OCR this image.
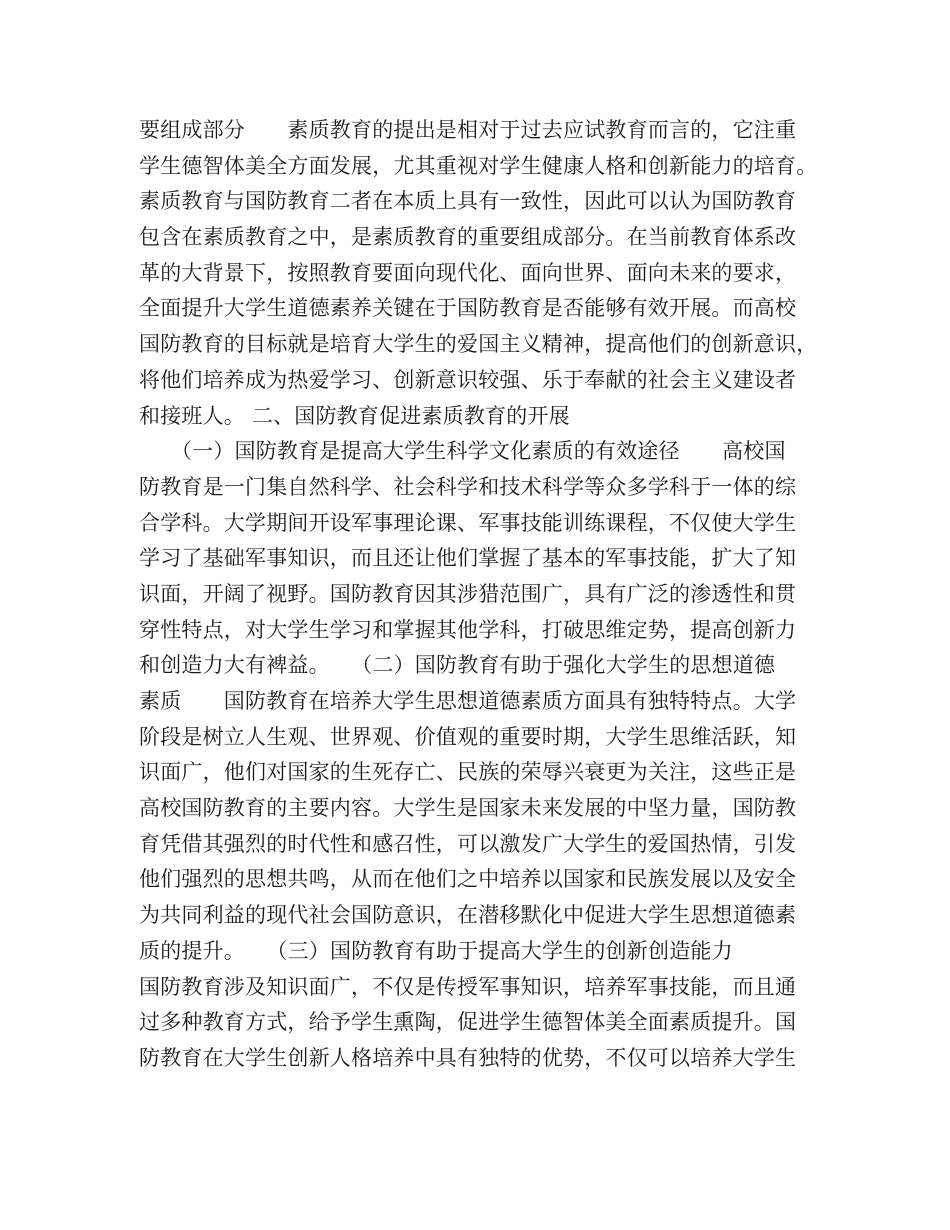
要组成部分　　素质教育的提出是相对于过去应试教育而言的，它注重
学生德智体美全方面发展，尤其重视对学生健康人格和创新能力的培育。
素质教育与国防教育二者在本质上具有一致性，因此可以认为国防教育
包含在素质教育之中，是素质教育的重要组成部分。在当前教育体系改
革的大背景下，按照教育要面向现代化、面向世界、面向未来的要求，
全面提升大学生道德素养关键在于国防教育是否能够有效开展。而高校
国防教育的目标就是培育大学生的爱国主义精神，提高他们的创新意识，
将他们培养成为热爱学习、创新意识较强、乐于奉献的社会主义建设者
和接班人。 二、国防教育促进素质教育的开展
　　（一）国防教育是提高大学生科学文化素质的有效途径　　高校国
防教育是一门集自然科学、社会科学和技术科学等众多学科于一体的综
合学科。大学期间开设军事理论课、军事技能训练课程，不仅使大学生
学习了基础军事知识，而且还让他们掌握了基本的军事技能，扩大了知
识面，开阔了视野。国防教育因其涉猎范围广，具有广泛的渗透性和贯
穿性特点，对大学生学习和掌握其他学科，打破思维定势，提高创新力
和创造力大有裨益。　　（二）国防教育有助于强化大学生的思想道德
素质　　国防教育在培养大学生思想道德素质方面具有独特特点。大学
阶段是树立人生观、世界观、价值观的重要时期，大学生思维活跃，知
识面广，他们对国家的生死存亡、民族的荣辱兴衰更为关注，这些正是
高校国防教育的主要内容。大学生是国家未来发展的中坚力量，国防教
育凭借其强烈的时代性和感召性，可以激发广大学生的爱国热情，引发
他们强烈的思想共鸣，从而在他们之中培养以国家和民族发展以及安全
为共同利益的现代社会国防意识，在潜移默化中促进大学生思想道德素
质的提升。　　（三）国防教育有助于提高大学生的创新创造能力
国防教育涉及知识面广，不仅是传授军事知识，培养军事技能，而且通
过多种教育方式，给予学生熏陶，促进学生德智体美全面素质提升。国
防教育在大学生创新人格培养中具有独特的优势，不仅可以培养大学生
